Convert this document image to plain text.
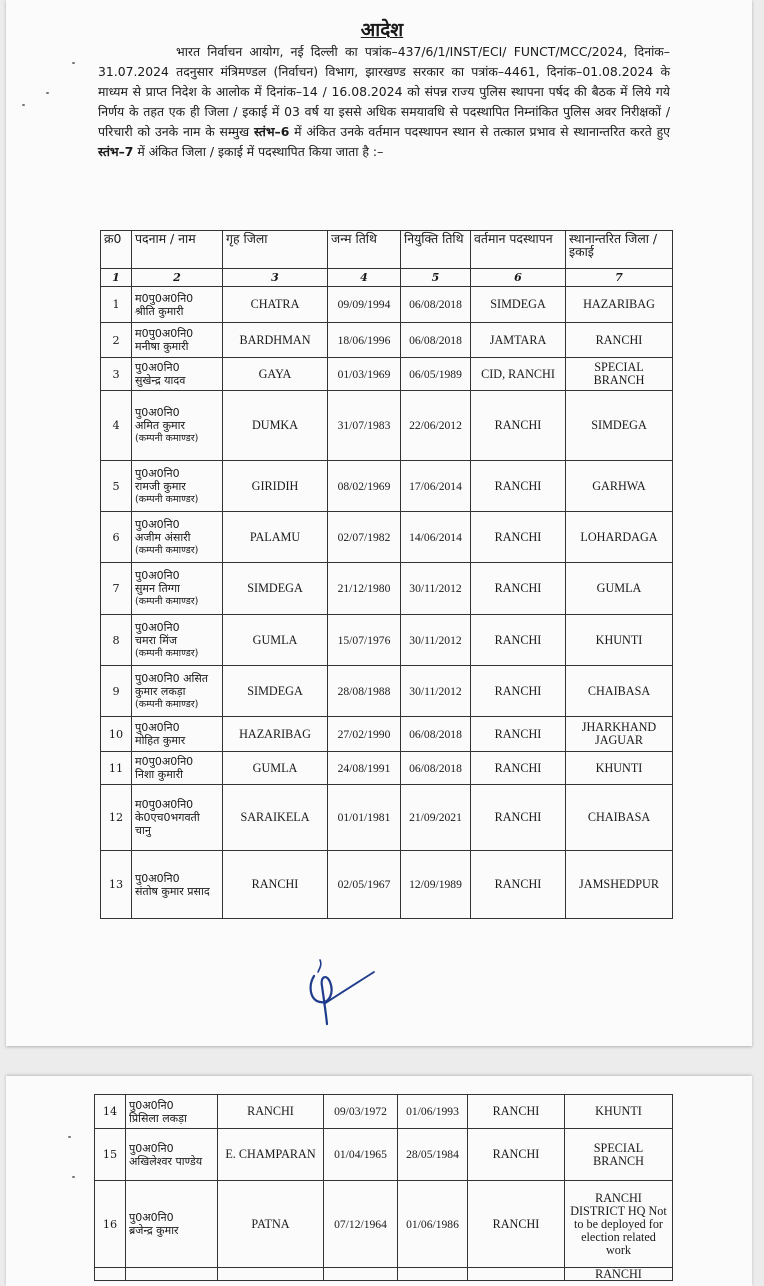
आदेश
भारत निर्वाचन आयोग, नई दिल्ली का पत्रांक–437/6/1/INST/ECI/ FUNCT/MCC/2024, दिनांक–31.07.2024 तदनुसार मंत्रिमण्डल (निर्वाचन) विभाग, झारखण्ड सरकार का पत्रांक–4461, दिनांक–01.08.2024 के माध्यम से प्राप्त निदेश के आलोक में दिनांक–14 / 16.08.2024 को संपन्न राज्य पुलिस स्थापना पर्षद की बैठक में लिये गये निर्णय के तहत एक ही जिला / इकाई में 03 वर्ष या इससे अधिक समयावधि से पदस्थापित निम्नांकित पुलिस अवर निरीक्षकों / परिचारी को उनके नाम के सम्मुख स्तंभ–6 में अंकित उनके वर्तमान पदस्थापन स्थान से तत्काल प्रभाव से स्थानान्तरित करते हुए स्तंभ–7 में अंकित जिला / इकाई में पदस्थापित किया जाता है :–
क्र0	पदनाम / नाम	गृह जिला	जन्म तिथि	नियुक्ति तिथि	वर्तमान पदस्थापन	स्थानान्तरित जिला / इकाई
1	2	3	4	5	6	7

1	म0पु0अ0नि0
श्रीति कुमारी	CHATRA	09/09/1994	06/08/2018	SIMDEGA	HAZARIBAG

2	म0पु0अ0नि0
मनीषा कुमारी	BARDHMAN	18/06/1996	06/08/2018	JAMTARA	RANCHI

3	पु0अ0नि0
सुखेन्द्र यादव	GAYA	01/03/1969	06/05/1989	CID, RANCHI	SPECIAL BRANCH

4	पु0अ0नि0
अमित कुमार
(कम्पनी कमाण्डर)	DUMKA	31/07/1983	22/06/2012	RANCHI	SIMDEGA

5	पु0अ0नि0
रामजी कुमार
(कम्पनी कमाण्डर)	GIRIDIH	08/02/1969	17/06/2014	RANCHI	GARHWA

6	पु0अ0नि0
अजीम अंसारी
(कम्पनी कमाण्डर)	PALAMU	02/07/1982	14/06/2014	RANCHI	LOHARDAGA

7	पु0अ0नि0
सुमन तिग्गा
(कम्पनी कमाण्डर)	SIMDEGA	21/12/1980	30/11/2012	RANCHI	GUMLA

8	पु0अ0नि0
चमरा मिंज
(कम्पनी कमाण्डर)	GUMLA	15/07/1976	30/11/2012	RANCHI	KHUNTI

9	पु0अ0नि0 असित
कुमार लकड़ा
(कम्पनी कमाण्डर)	SIMDEGA	28/08/1988	30/11/2012	RANCHI	CHAIBASA

10	पु0अ0नि0
मोहित कुमार	HAZARIBAG	27/02/1990	06/08/2018	RANCHI	JHARKHAND JAGUAR

11	म0पु0अ0नि0
निशा कुमारी	GUMLA	24/08/1991	06/08/2018	RANCHI	KHUNTI

12	म0पु0अ0नि0
के0एच0भगवती चानु	SARAIKELA	01/01/1981	21/09/2021	RANCHI	CHAIBASA

13	पु0अ0नि0
संतोष कुमार प्रसाद	RANCHI	02/05/1967	12/09/1989	RANCHI	JAMSHEDPUR
14	पु0अ0नि0
प्रिसिला लकड़ा	RANCHI	09/03/1972	01/06/1993	RANCHI	KHUNTI

15	पु0अ0नि0
अखिलेश्वर पाण्डेय	E. CHAMPARAN	01/04/1965	28/05/1984	RANCHI	SPECIAL BRANCH

16	पु0अ0नि0
ब्रजेन्द्र कुमार	PATNA	07/12/1964	01/06/1986	RANCHI	RANCHI DISTRICT HQ Not to be deployed for election related work

						RANCHI
